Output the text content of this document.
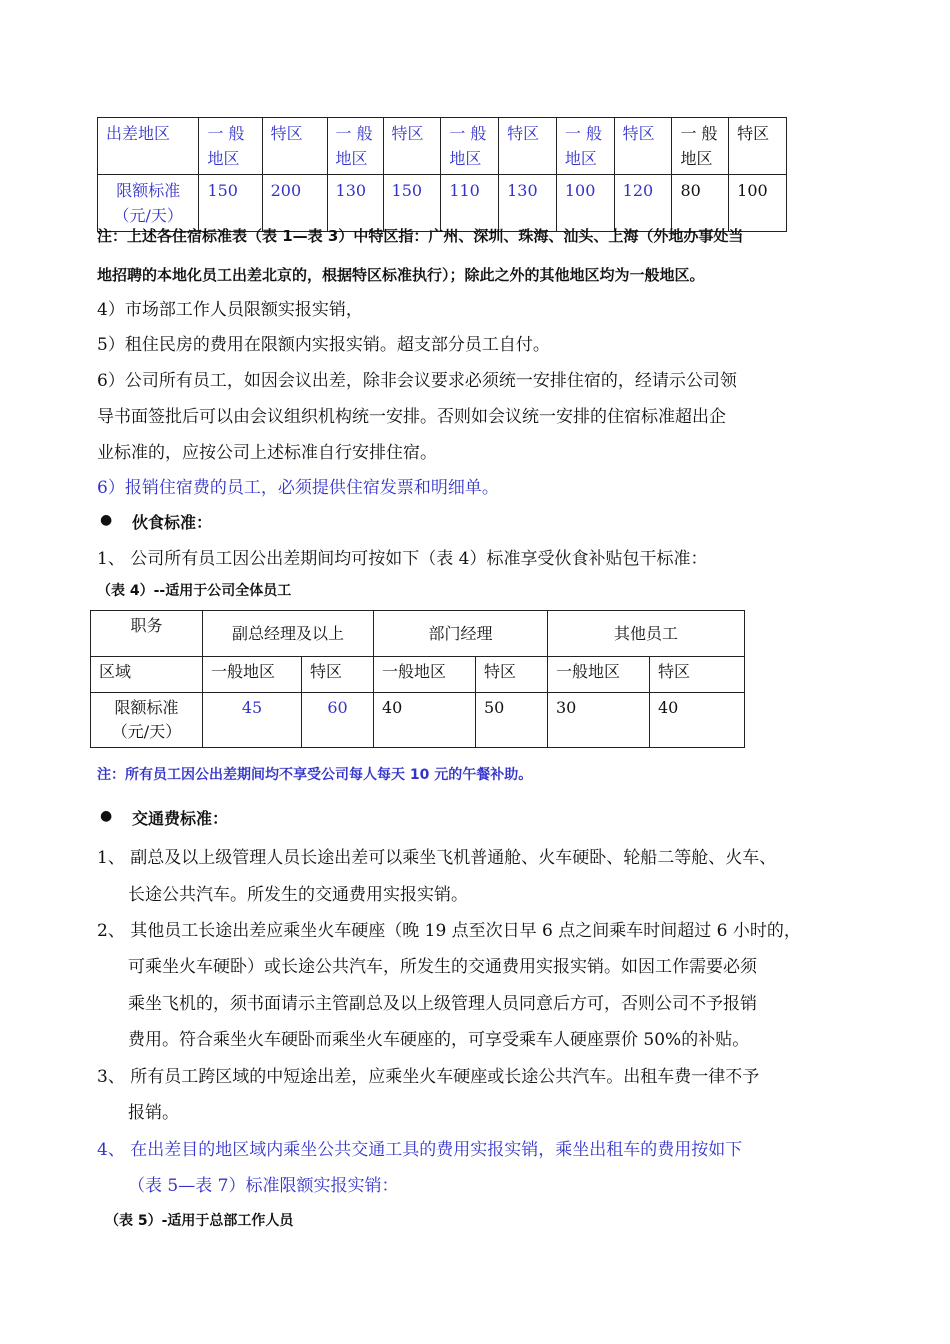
出差地区	一 般 地区	特区	一 般 地区	特区	一 般 地区	特区	一 般 地区	特区	一 般 地区	特区
限额标准（元/天）	150	200	130	150	110	130	100	120	80	100
注：上述各住宿标准表（表 1—表 3）中特区指：广州、深圳、珠海、汕头、上海（外地办事处当
地招聘的本地化员工出差北京的，根据特区标准执行）；除此之外的其他地区均为一般地区。
4）市场部工作人员限额实报实销，
5）租住民房的费用在限额内实报实销。超支部分员工自付。
6）公司所有员工，如因会议出差，除非会议要求必须统一安排住宿的，经请示公司领
导书面签批后可以由会议组织机构统一安排。否则如会议统一安排的住宿标准超出企
业标准的，应按公司上述标准自行安排住宿。
6）报销住宿费的员工，必须提供住宿发票和明细单。
● 伙食标准：
1、 公司所有员工因公出差期间均可按如下（表 4）标准享受伙食补贴包干标准：
（表 4）--适用于公司全体员工
职务	副总经理及以上		部门经理		其他员工	
区域	一般地区	特区	一般地区	特区	一般地区	特区
限额标准（元/天）	45	60	40	50	30	40
注：所有员工因公出差期间均不享受公司每人每天 10 元的午餐补助。
● 交通费标准：
1、 副总及以上级管理人员长途出差可以乘坐飞机普通舱、火车硬卧、轮船二等舱、火车、
长途公共汽车。所发生的交通费用实报实销。
2、 其他员工长途出差应乘坐火车硬座（晚 19 点至次日早 6 点之间乘车时间超过 6 小时的，
可乘坐火车硬卧）或长途公共汽车，所发生的交通费用实报实销。如因工作需要必须
乘坐飞机的，须书面请示主管副总及以上级管理人员同意后方可，否则公司不予报销
费用。符合乘坐火车硬卧而乘坐火车硬座的，可享受乘车人硬座票价 50%的补贴。
3、 所有员工跨区域的中短途出差，应乘坐火车硬座或长途公共汽车。出租车费一律不予
报销。
4、 在出差目的地区域内乘坐公共交通工具的费用实报实销，乘坐出租车的费用按如下
（表 5—表 7）标准限额实报实销：
（表 5）-适用于总部工作人员
